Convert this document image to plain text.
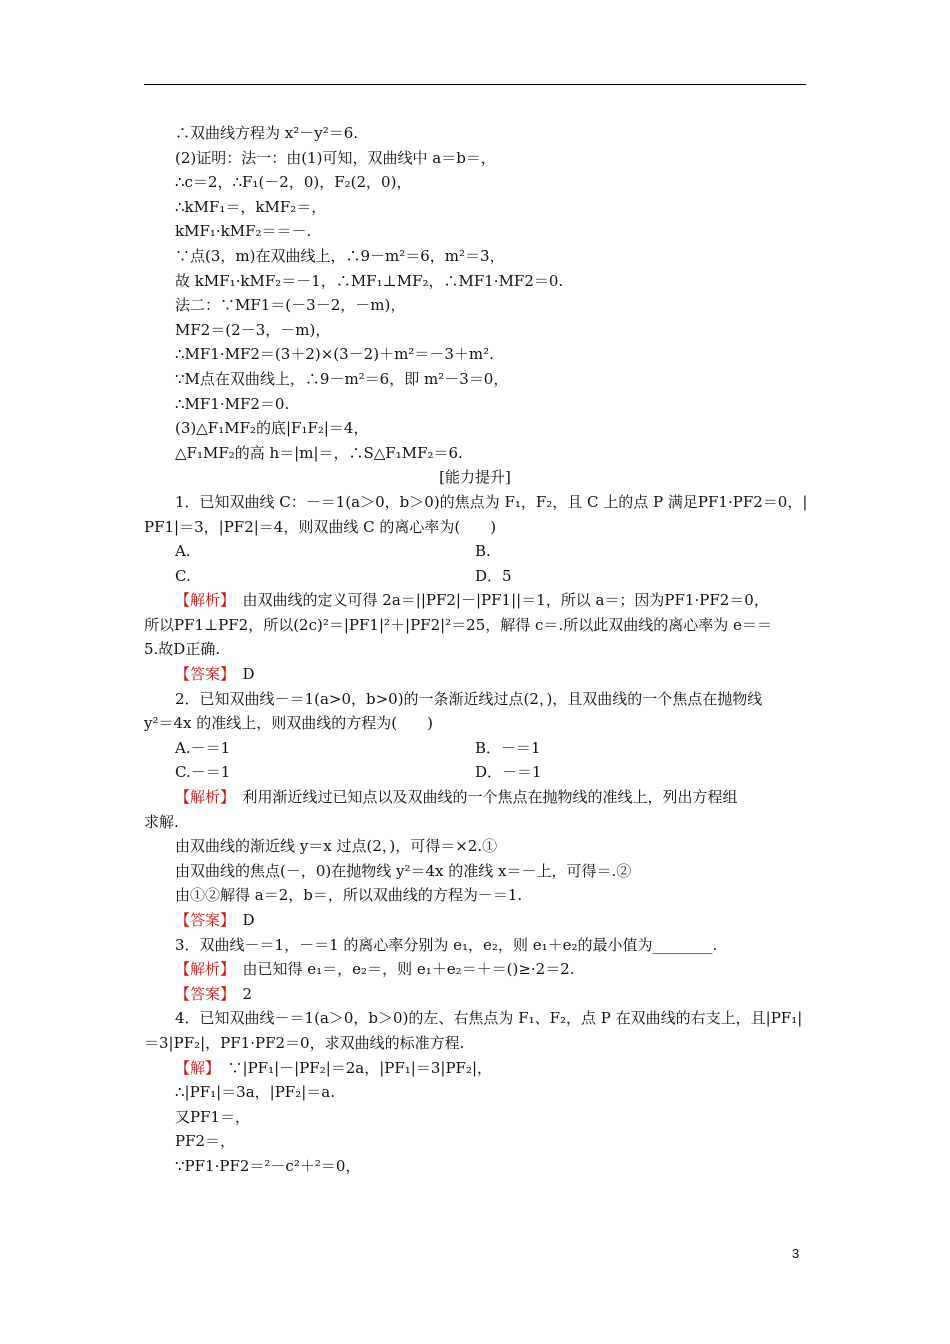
∴双曲线方程为 x²－y²＝6.
(2)证明：法一：由(1)可知，双曲线中 a＝b＝，
∴c＝2，∴F₁(－2，0)，F₂(2，0)，
∴kMF₁＝，kMF₂＝，
kMF₁·kMF₂＝＝－.
∵点(3，m)在双曲线上，∴9－m²＝6，m²＝3，
故 kMF₁·kMF₂＝－1，∴MF₁⊥MF₂，∴MF1·MF2＝0.
法二：∵MF1＝(－3－2，－m)，
MF2＝(2－3，－m)，
∴MF1·MF2＝(3＋2)×(3－2)＋m²＝－3＋m².
∵M点在双曲线上，∴9－m²＝6，即 m²－3＝0，
∴MF1·MF2＝0.
(3)△F₁MF₂的底|F₁F₂|＝4，
△F₁MF₂的高 h＝|m|＝，∴S△F₁MF₂＝6.
[能力提升]
1．已知双曲线 C：－＝1(a＞0，b＞0)的焦点为 F₁，F₂，且 C 上的点 P 满足PF1·PF2＝0，|
PF1|＝3，|PF2|＝4，则双曲线 C 的离心率为(　　)
A.	B.
C.	D．5
【解析】　由双曲线的定义可得 2a＝||PF2|－|PF1||＝1，所以 a＝；因为PF1·PF2＝0，
所以PF1⊥PF2，所以(2c)²＝|PF1|²＋|PF2|²＝25，解得 c＝.所以此双曲线的离心率为 e＝＝
5.故D正确.
【答案】　D
2．已知双曲线－＝1(a>0，b>0)的一条渐近线过点(2，)，且双曲线的一个焦点在抛物线
y²＝4x 的准线上，则双曲线的方程为(　　)
A.－＝1	B．－＝1
C.－＝1	D．－＝1
【解析】　利用渐近线过已知点以及双曲线的一个焦点在抛物线的准线上，列出方程组
求解.
由双曲线的渐近线 y＝x 过点(2，)，可得＝×2.①
由双曲线的焦点(－，0)在抛物线 y²＝4x 的准线 x＝－上，可得＝.②
由①②解得 a＝2，b＝，所以双曲线的方程为－＝1.
【答案】　D
3．双曲线－＝1，－＝1 的离心率分别为 e₁，e₂，则 e₁＋e₂的最小值为________.
【解析】　由已知得 e₁＝，e₂＝，则 e₁＋e₂＝＋＝()≥·2＝2.
【答案】　2
4．已知双曲线－＝1(a＞0，b＞0)的左、右焦点为 F₁、F₂，点 P 在双曲线的右支上，且|PF₁|
＝3|PF₂|，PF1·PF2＝0，求双曲线的标准方程.
【解】　∵|PF₁|－|PF₂|＝2a，|PF₁|＝3|PF₂|，
∴|PF₁|＝3a，|PF₂|＝a.
又PF1＝，
PF2＝，
∵PF1·PF2＝²－c²＋²＝0，
3
